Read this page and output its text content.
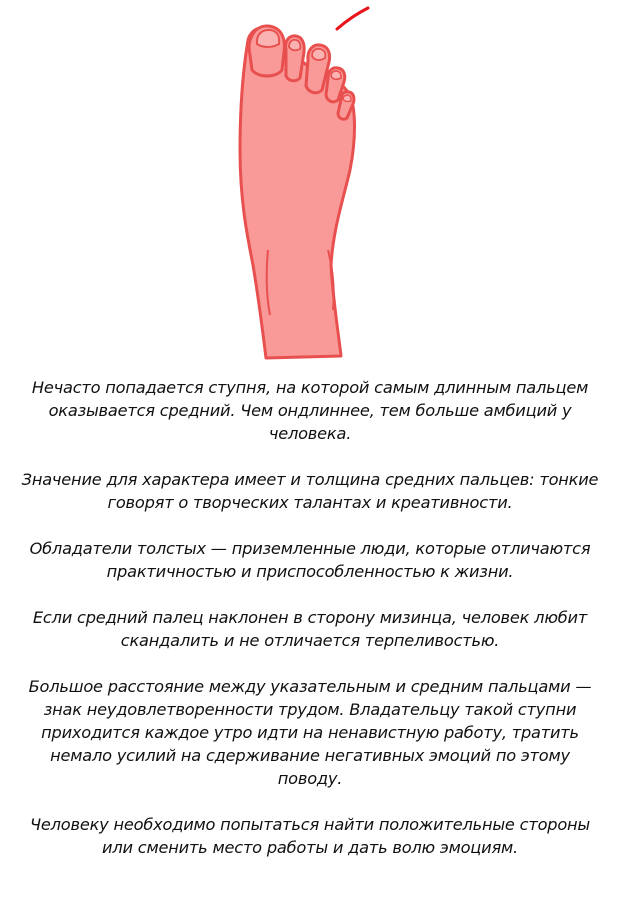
Нечасто попадается ступня, на которой самым длинным пальцем оказывается средний. Чем ондлиннее, тем больше амбиций у человека.

Значение для характера имеет и толщина средних пальцев: тонкие говорят о творческих талантах и креативности.

Обладатели толстых — приземленные люди, которые отличаются практичностью и приспособленностью к жизни.

Если средний палец наклонен в сторону мизинца, человек любит скандалить и не отличается терпеливостью.

Большое расстояние между указательным и средним пальцами — знак неудовлетворенности трудом. Владательцу такой ступни приходится каждое утро идти на ненавистную работу, тратить немало усилий на сдерживание негативных эмоций по этому поводу.

Человеку необходимо попытаться найти положительные стороны или сменить место работы и дать волю эмоциям.
